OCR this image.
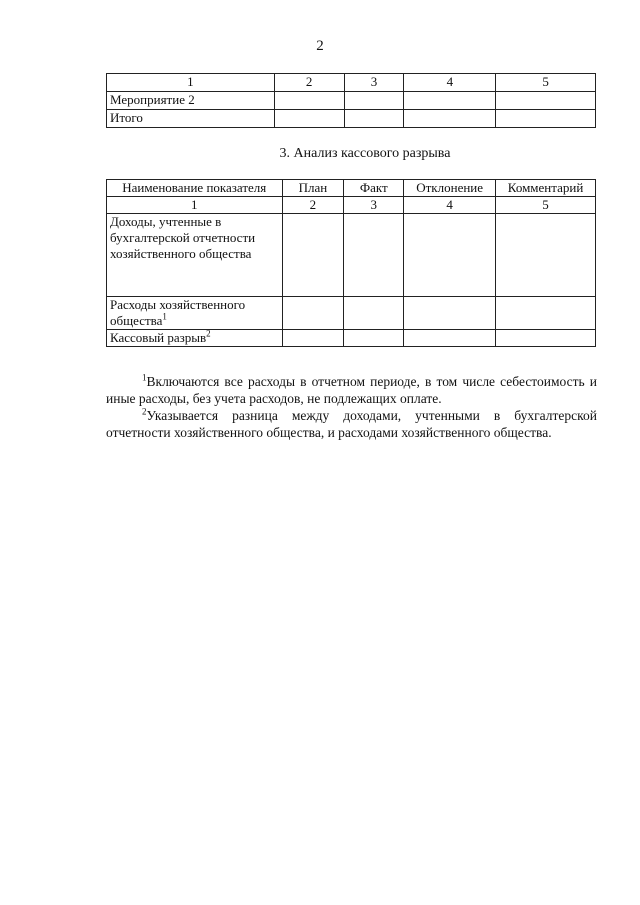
2
1	2	3	4	5
Мероприятие 2				
Итого				
3. Анализ кассового разрыва
Наименование показателя	План	Факт	Отклонение	Комментарий
1	2	3	4	5
Доходы, учтенные в бухгалтерской отчетности хозяйственного общества				
Расходы хозяйственного общества$^1$				
Кассовый разрыв$^2$				

$^1$Включаются все расходы в отчетном периоде, в том числе себестоимость и иные расходы, без учета расходов, не подлежащих оплате.

$^2$Указывается разница между доходами, учтенными в бухгалтерской отчетности хозяйственного общества, и расходами хозяйственного общества.
